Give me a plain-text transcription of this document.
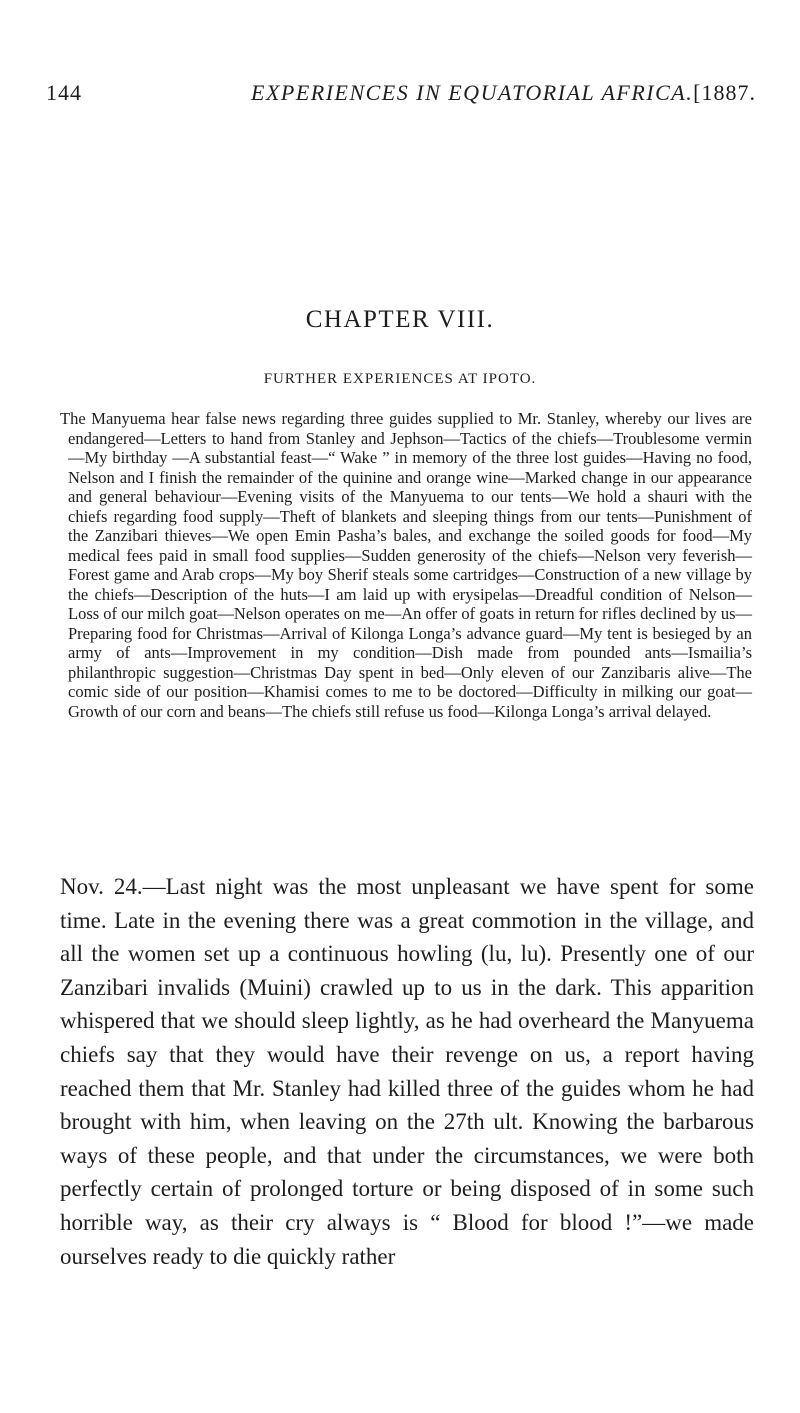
144	EXPERIENCES IN EQUATORIAL AFRICA. [1887.
CHAPTER VIII.
FURTHER EXPERIENCES AT IPOTO.

The Manyuema hear false news regarding three guides supplied to Mr. Stanley, whereby our lives are endangered—Letters to hand from Stanley and Jephson—Tactics of the chiefs—Troublesome vermin—My birthday —A substantial feast—“ Wake ” in memory of the three lost guides—Having no food, Nelson and I finish the remainder of the quinine and orange wine—Marked change in our appearance and general behaviour—Evening visits of the Manyuema to our tents—We hold a shauri with the chiefs regarding food supply—Theft of blankets and sleeping things from our tents—Punishment of the Zanzibari thieves—We open Emin Pasha’s bales, and exchange the soiled goods for food—My medical fees paid in small food supplies—Sudden generosity of the chiefs—Nelson very feverish—Forest game and Arab crops—My boy Sherif steals some cartridges—Construction of a new village by the chiefs—Description of the huts—I am laid up with erysipelas—Dreadful condition of Nelson—Loss of our milch goat—Nelson operates on me—An offer of goats in return for rifles declined by us—Preparing food for Christmas—Arrival of Kilonga Longa’s advance guard—My tent is besieged by an army of ants—Improvement in my condition—Dish made from pounded ants—Ismailia’s philanthropic suggestion—Christmas Day spent in bed—Only eleven of our Zanzibaris alive—The comic side of our position—Khamisi comes to me to be doctored—Difficulty in milking our goat—Growth of our corn and beans—The chiefs still refuse us food—Kilonga Longa’s arrival delayed.

Nov. 24.—Last night was the most unpleasant we have spent for some time. Late in the evening there was a great commotion in the village, and all the women set up a continuous howling (lu, lu). Presently one of our Zanzibari invalids (Muini) crawled up to us in the dark. This apparition whispered that we should sleep lightly, as he had overheard the Manyuema chiefs say that they would have their revenge on us, a report having reached them that Mr. Stanley had killed three of the guides whom he had brought with him, when leaving on the 27th ult. Knowing the barbarous ways of these people, and that under the circumstances, we were both perfectly certain of prolonged torture or being disposed of in some such horrible way, as their cry always is “ Blood for blood !”—we made ourselves ready to die quickly rather
